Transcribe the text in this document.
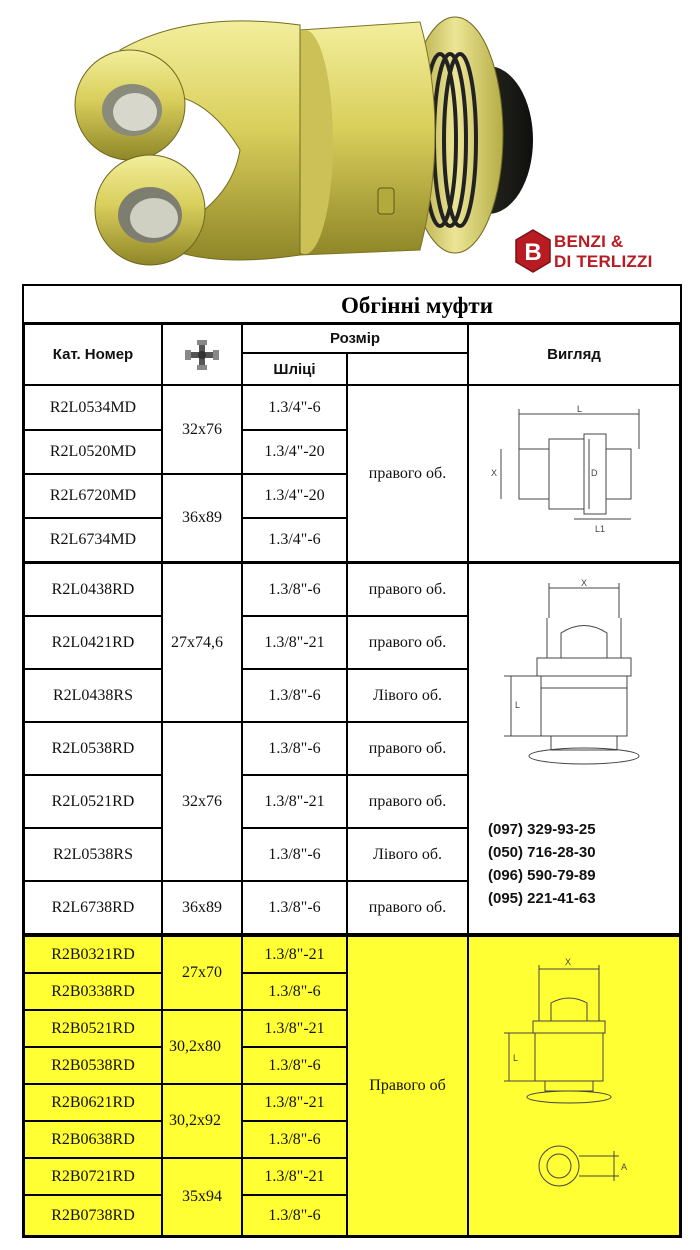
B BENZI &
DI TERLIZZI
Обгінні муфти
Кат. Номер
Розмір
Шліці
Вигляд
R2L0534MD
R2L0520MD
R2L6720MD
R2L6734MD
32x76
36x89
1.3/4"-6
1.3/4"-20
1.3/4"-20
1.3/4"-6
правого об.
L
X	D
L1
R2L0438RD
R2L0421RD
R2L0438RS
R2L0538RD
R2L0521RD
R2L0538RS
R2L6738RD
27x74,6
32x76
36x89
1.3/8"-6
1.3/8"-21
1.3/8"-6
1.3/8"-6
1.3/8"-21
1.3/8"-6
1.3/8"-6
правого об.
правого об.
Лівого об.
правого об.
правого об.
Лівого об.
правого об.
X
L
R2B0321RD
R2B0338RD
R2B0521RD
R2B0538RD
R2B0621RD
R2B0638RD
R2B0721RD
R2B0738RD
27x70
30,2x80
30,2x92
35x94
1.3/8"-21
1.3/8"-6
1.3/8"-21
1.3/8"-6
1.3/8"-21
1.3/8"-6
1.3/8"-21
1.3/8"-6
Правого об
X
L
A
(097) 329-93-25
(050) 716-28-30
(096) 590-79-89
(095) 221-41-63
